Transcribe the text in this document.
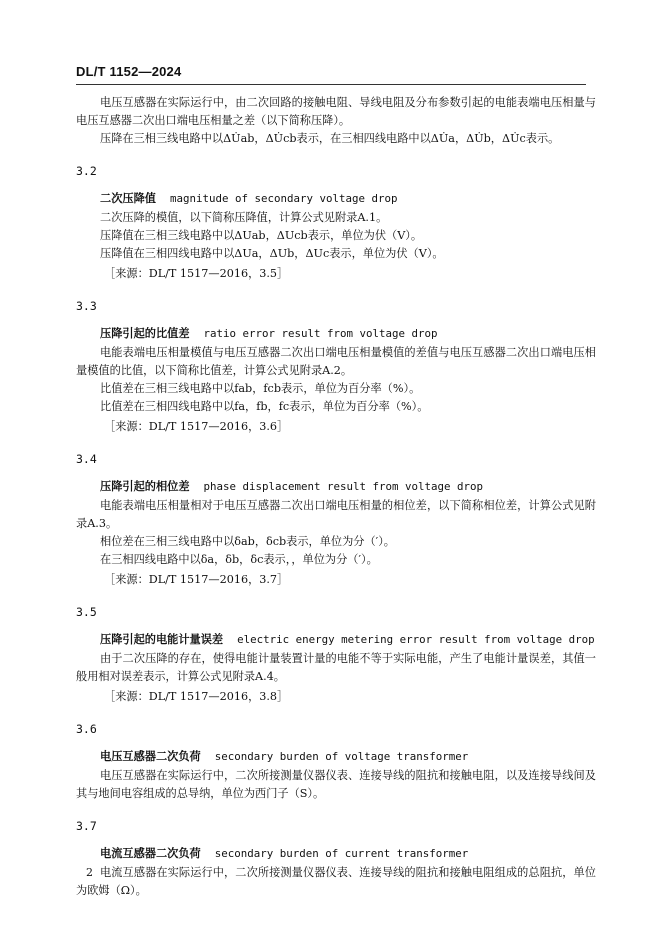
DL/T 1152—2024

电压互感器在实际运行中，由二次回路的接触电阻、导线电阻及分布参数引起的电能表端电压相量与电压互感器二次出口端电压相量之差（以下简称压降）。

压降在三相三线电路中以ΔU̇ab，ΔU̇cb表示，在三相四线电路中以ΔU̇a，ΔU̇b，ΔU̇c表示。

3.2
二次压降值 magnitude of secondary voltage drop

二次压降的模值，以下简称压降值，计算公式见附录A.1。

压降值在三相三线电路中以ΔUab，ΔUcb表示，单位为伏（V）。

压降值在三相四线电路中以ΔUa，ΔUb，ΔUc表示，单位为伏（V）。

［来源：DL/T 1517—2016，3.5］

3.3
压降引起的比值差 ratio error result from voltage drop

电能表端电压相量模值与电压互感器二次出口端电压相量模值的差值与电压互感器二次出口端电压相量模值的比值，以下简称比值差，计算公式见附录A.2。

比值差在三相三线电路中以fab，fcb表示，单位为百分率（%）。

比值差在三相四线电路中以fa，fb，fc表示，单位为百分率（%）。

［来源：DL/T 1517—2016，3.6］

3.4
压降引起的相位差 phase displacement result from voltage drop

电能表端电压相量相对于电压互感器二次出口端电压相量的相位差，以下简称相位差，计算公式见附录A.3。

相位差在三相三线电路中以δab，δcb表示，单位为分（′）。

在三相四线电路中以δa，δb，δc表示，，单位为分（′）。

［来源：DL/T 1517—2016，3.7］

3.5
压降引起的电能计量误差 electric energy metering error result from voltage drop

由于二次压降的存在，使得电能计量装置计量的电能不等于实际电能，产生了电能计量误差，其值一般用相对误差表示，计算公式见附录A.4。

［来源：DL/T 1517—2016，3.8］

3.6
电压互感器二次负荷 secondary burden of voltage transformer

电压互感器在实际运行中，二次所接测量仪器仪表、连接导线的阻抗和接触电阻，以及连接导线间及其与地间电容组成的总导纳，单位为西门子（S）。

3.7
电流互感器二次负荷 secondary burden of current transformer

电流互感器在实际运行中，二次所接测量仪器仪表、连接导线的阻抗和接触电阻组成的总阻抗，单位为欧姆（Ω）。

2
